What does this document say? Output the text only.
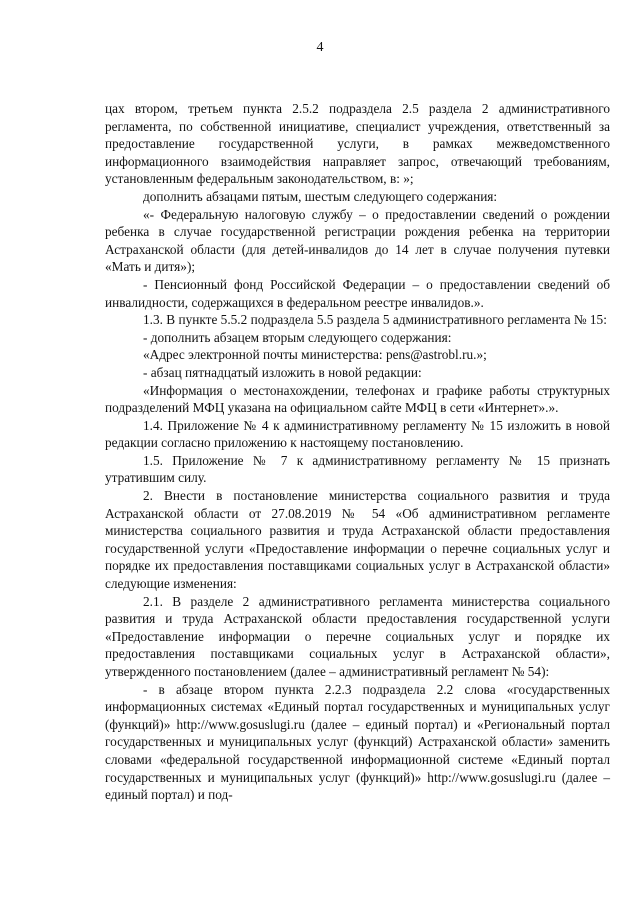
4

цах втором, третьем пункта 2.5.2 подраздела 2.5 раздела 2 административного регламента, по собственной инициативе, специалист учреждения, ответственный за предоставление государственной услуги, в рамках межведомственного информационного взаимодействия направляет запрос, отвечающий требованиям, установленным федеральным законодательством, в: »;

дополнить абзацами пятым, шестым следующего содержания:

«- Федеральную налоговую службу – о предоставлении сведений о рождении ребенка в случае государственной регистрации рождения ребенка на территории Астраханской области (для детей-инвалидов до 14 лет в случае получения путевки «Мать и дитя»);

- Пенсионный фонд Российской Федерации – о предоставлении сведений об инвалидности, содержащихся в федеральном реестре инвалидов.».

1.3. В пункте 5.5.2 подраздела 5.5 раздела 5 административного регламента № 15:

- дополнить абзацем вторым следующего содержания:

«Адрес электронной почты министерства: pens@astrobl.ru.»;

- абзац пятнадцатый изложить в новой редакции:

«Информация о местонахождении, телефонах и графике работы структурных подразделений МФЦ указана на официальном сайте МФЦ в сети «Интернет».».

1.4. Приложение № 4 к административному регламенту № 15 изложить в новой редакции согласно приложению к настоящему постановлению.

1.5. Приложение № 7 к административному регламенту № 15 признать утратившим силу.

2. Внести в постановление министерства социального развития и труда Астраханской области от 27.08.2019 № 54 «Об административном регламенте министерства социального развития и труда Астраханской области предоставления государственной услуги «Предоставление информации о перечне социальных услуг и порядке их предоставления поставщиками социальных услуг в Астраханской области» следующие изменения:

2.1. В разделе 2 административного регламента министерства социального развития и труда Астраханской области предоставления государственной услуги «Предоставление информации о перечне социальных услуг и порядке их предоставления поставщиками социальных услуг в Астраханской области», утвержденного постановлением (далее – административный регламент № 54):

- в абзаце втором пункта 2.2.3 подраздела 2.2 слова «государственных информационных системах «Единый портал государственных и муниципальных услуг (функций)» http://www.gosuslugi.ru (далее – единый портал) и «Региональный портал государственных и муниципальных услуг (функций) Астраханской области» заменить словами «федеральной государственной информационной системе «Единый портал государственных и муниципальных услуг (функций)» http://www.gosuslugi.ru (далее – единый портал) и под-
